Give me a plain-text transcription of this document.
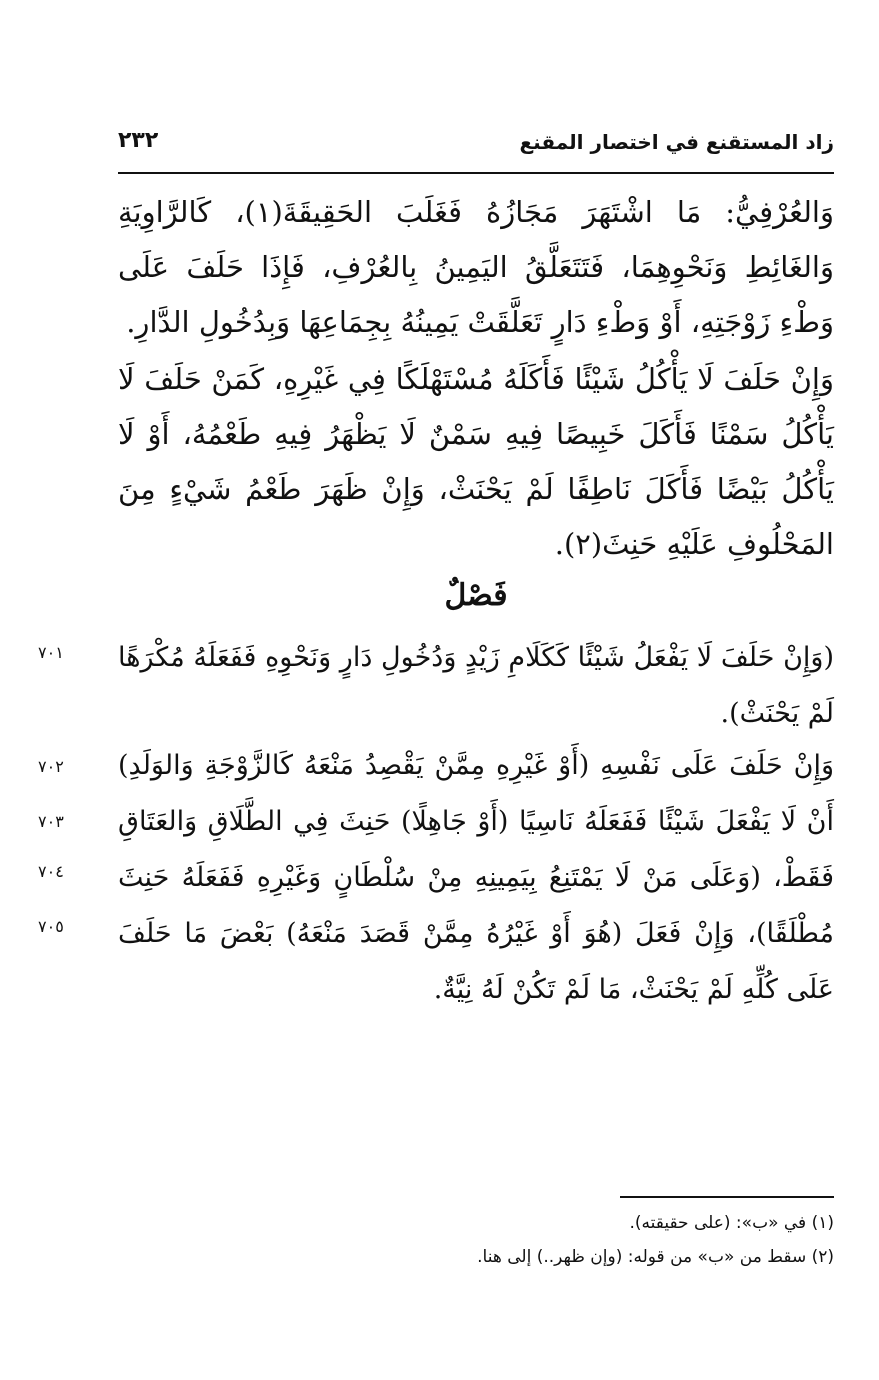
زاد المستقنع في اختصار المقنع
٢٣٢

وَالعُرْفِيُّ: مَا اشْتَهَرَ مَجَازُهُ فَغَلَبَ الحَقِيقَةَ(١)، كَالرَّاوِيَةِ وَالغَائِطِ وَنَحْوِهِمَا، فَتَتَعَلَّقُ اليَمِينُ بِالعُرْفِ، فَإِذَا حَلَفَ عَلَى وَطْءِ زَوْجَتِهِ، أَوْ وَطْءِ دَارٍ تَعَلَّقَتْ يَمِينُهُ بِجِمَاعِهَا وَبِدُخُولِ الدَّارِ.

وَإِنْ حَلَفَ لَا يَأْكُلُ شَيْئًا فَأَكَلَهُ مُسْتَهْلَكًا فِي غَيْرِهِ، كَمَنْ حَلَفَ لَا يَأْكُلُ سَمْنًا فَأَكَلَ خَبِيصًا فِيهِ سَمْنٌ لَا يَظْهَرُ فِيهِ طَعْمُهُ، أَوْ لَا يَأْكُلُ بَيْضًا فَأَكَلَ نَاطِفًا لَمْ يَحْنَثْ، وَإِنْ ظَهَرَ طَعْمُ شَيْءٍ مِنَ المَحْلُوفِ عَلَيْهِ حَنِثَ(٢).

فَصْلٌ

(وَإِنْ حَلَفَ لَا يَفْعَلُ شَيْئًا كَكَلَامِ زَيْدٍ وَدُخُولِ دَارٍ وَنَحْوِهِ فَفَعَلَهُ مُكْرَهًا لَمْ يَحْنَثْ).

وَإِنْ حَلَفَ عَلَى نَفْسِهِ (أَوْ غَيْرِهِ مِمَّنْ يَقْصِدُ مَنْعَهُ كَالزَّوْجَةِ وَالوَلَدِ) أَنْ لَا يَفْعَلَ شَيْئًا فَفَعَلَهُ نَاسِيًا (أَوْ جَاهِلًا) حَنِثَ فِي الطَّلَاقِ وَالعَتَاقِ فَقَطْ، (وَعَلَى مَنْ لَا يَمْتَنِعُ بِيَمِينِهِ مِنْ سُلْطَانٍ وَغَيْرِهِ فَفَعَلَهُ حَنِثَ مُطْلَقًا)، وَإِنْ فَعَلَ (هُوَ أَوْ غَيْرُهُ مِمَّنْ قَصَدَ مَنْعَهُ) بَعْضَ مَا حَلَفَ عَلَى كُلِّهِ لَمْ يَحْنَثْ، مَا لَمْ تَكُنْ لَهُ نِيَّةٌ.

٧٠١
٧٠٢
٧٠٣
٧٠٤
٧٠٥
(١) في «ب»: (على حقيقته).
(٢) سقط من «ب» من قوله: (وإن ظهر..) إلى هنا.
